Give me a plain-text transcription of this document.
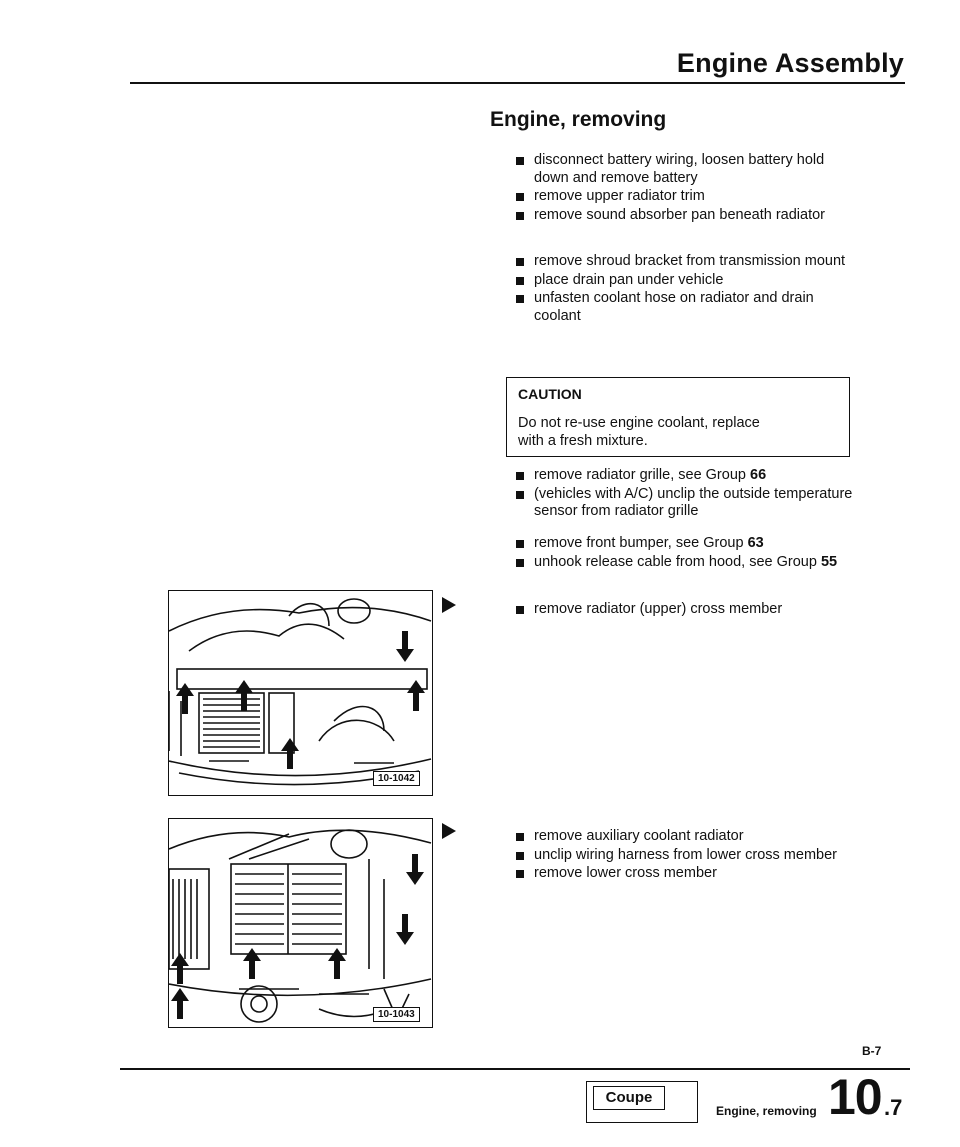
Engine Assembly
Engine, removing
disconnect battery wiring, loosen battery hold down and remove battery
remove upper radiator trim
remove sound absorber pan beneath radiator
remove shroud bracket from transmission mount
place drain pan under vehicle
unfasten coolant hose on radiator and drain coolant
CAUTION
Do not re-use engine coolant, replace with a fresh mixture.
remove radiator grille, see Group 66
(vehicles with A/C) unclip the outside temperature sensor from radiator grille
remove front bumper, see Group 63
unhook release cable from hood, see Group 55
remove radiator (upper) cross member
remove auxiliary coolant radiator
unclip wiring harness from lower cross member
remove lower cross member
10-1042
10-1043
B-7
Coupe
Engine, removing 10 .7
